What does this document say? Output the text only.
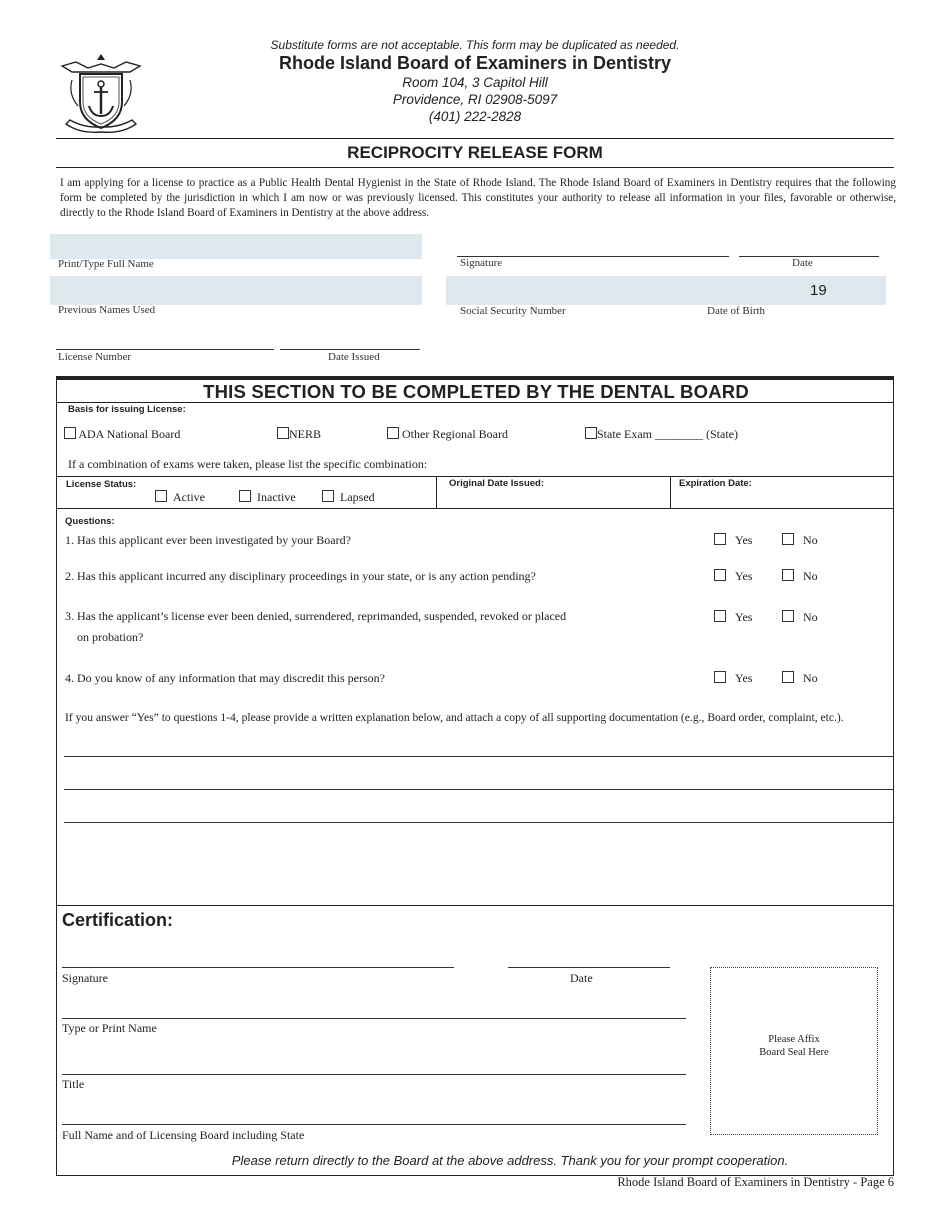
Substitute forms are not acceptable. This form may be duplicated as needed.
Rhode Island Board of Examiners in Dentistry
Room 104, 3 Capitol Hill
Providence, RI 02908-5097
(401) 222-2828
RECIPROCITY RELEASE FORM
I am applying for a license to practice as a Public Health Dental Hygienist in the State of Rhode Island. The Rhode Island Board of Examiners in Dentistry requires that the following form be completed by the jurisdiction in which I am now or was previously licensed. This constitutes your authority to release all information in your files, favorable or otherwise, directly to the Rhode Island Board of Examiners in Dentistry at the above address.
Print/Type Full Name	Signature	Date
Previous Names Used
19
Social Security Number	Date of Birth
License Number	Date Issued
THIS SECTION TO BE COMPLETED BY THE DENTAL BOARD
Basis for issuing License:
ADA National Board	NERB	Other Regional Board	State Exam ________ (State)
If a combination of exams were taken, please list the specific combination:
License Status:
Active	Inactive	Lapsed
Original Date Issued:	Expiration Date:
Questions:
1. Has this applicant ever been investigated by your Board?	Yes	No
2. Has this applicant incurred any disciplinary proceedings in your state, or is any action pending?	Yes	No
3. Has the applicant’s license ever been denied, surrendered, reprimanded, suspended, revoked or placed
on probation?
Yes	No
4. Do you know of any information that may discredit this person?	Yes	No
If you answer “Yes” to questions 1-4, please provide a written explanation below, and attach a copy of all supporting documentation (e.g., Board order, complaint, etc.).
Certification:
Signature	Date
Type or Print Name
Title
Full Name and of Licensing Board including State
Please Affix
Board Seal Here
Please return directly to the Board at the above address. Thank you for your prompt cooperation.
Rhode Island Board of Examiners in Dentistry - Page 6
